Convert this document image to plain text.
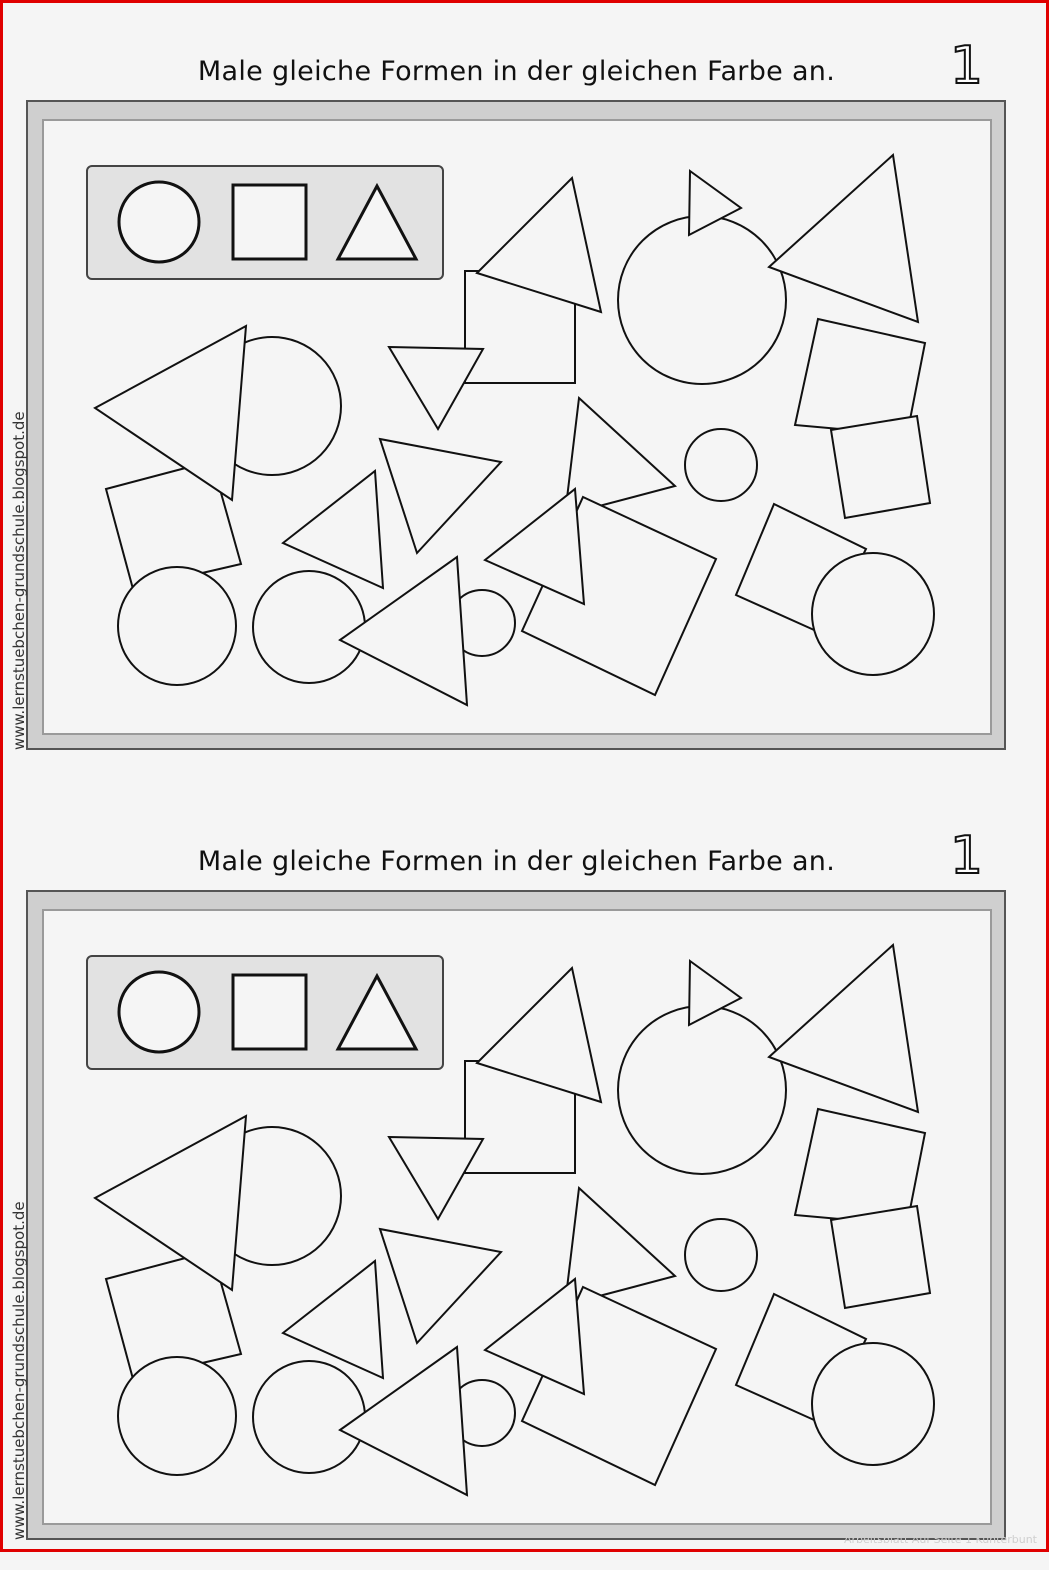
Male gleiche Formen in der gleichen Farbe an.	1
www.lernstuebchen-grundschule.blogspot.de
Male gleiche Formen in der gleichen Farbe an.	1
www.lernstuebchen-grundschule.blogspot.de	Arbeitsblatt Auf Seite 1 Kunterbunt
